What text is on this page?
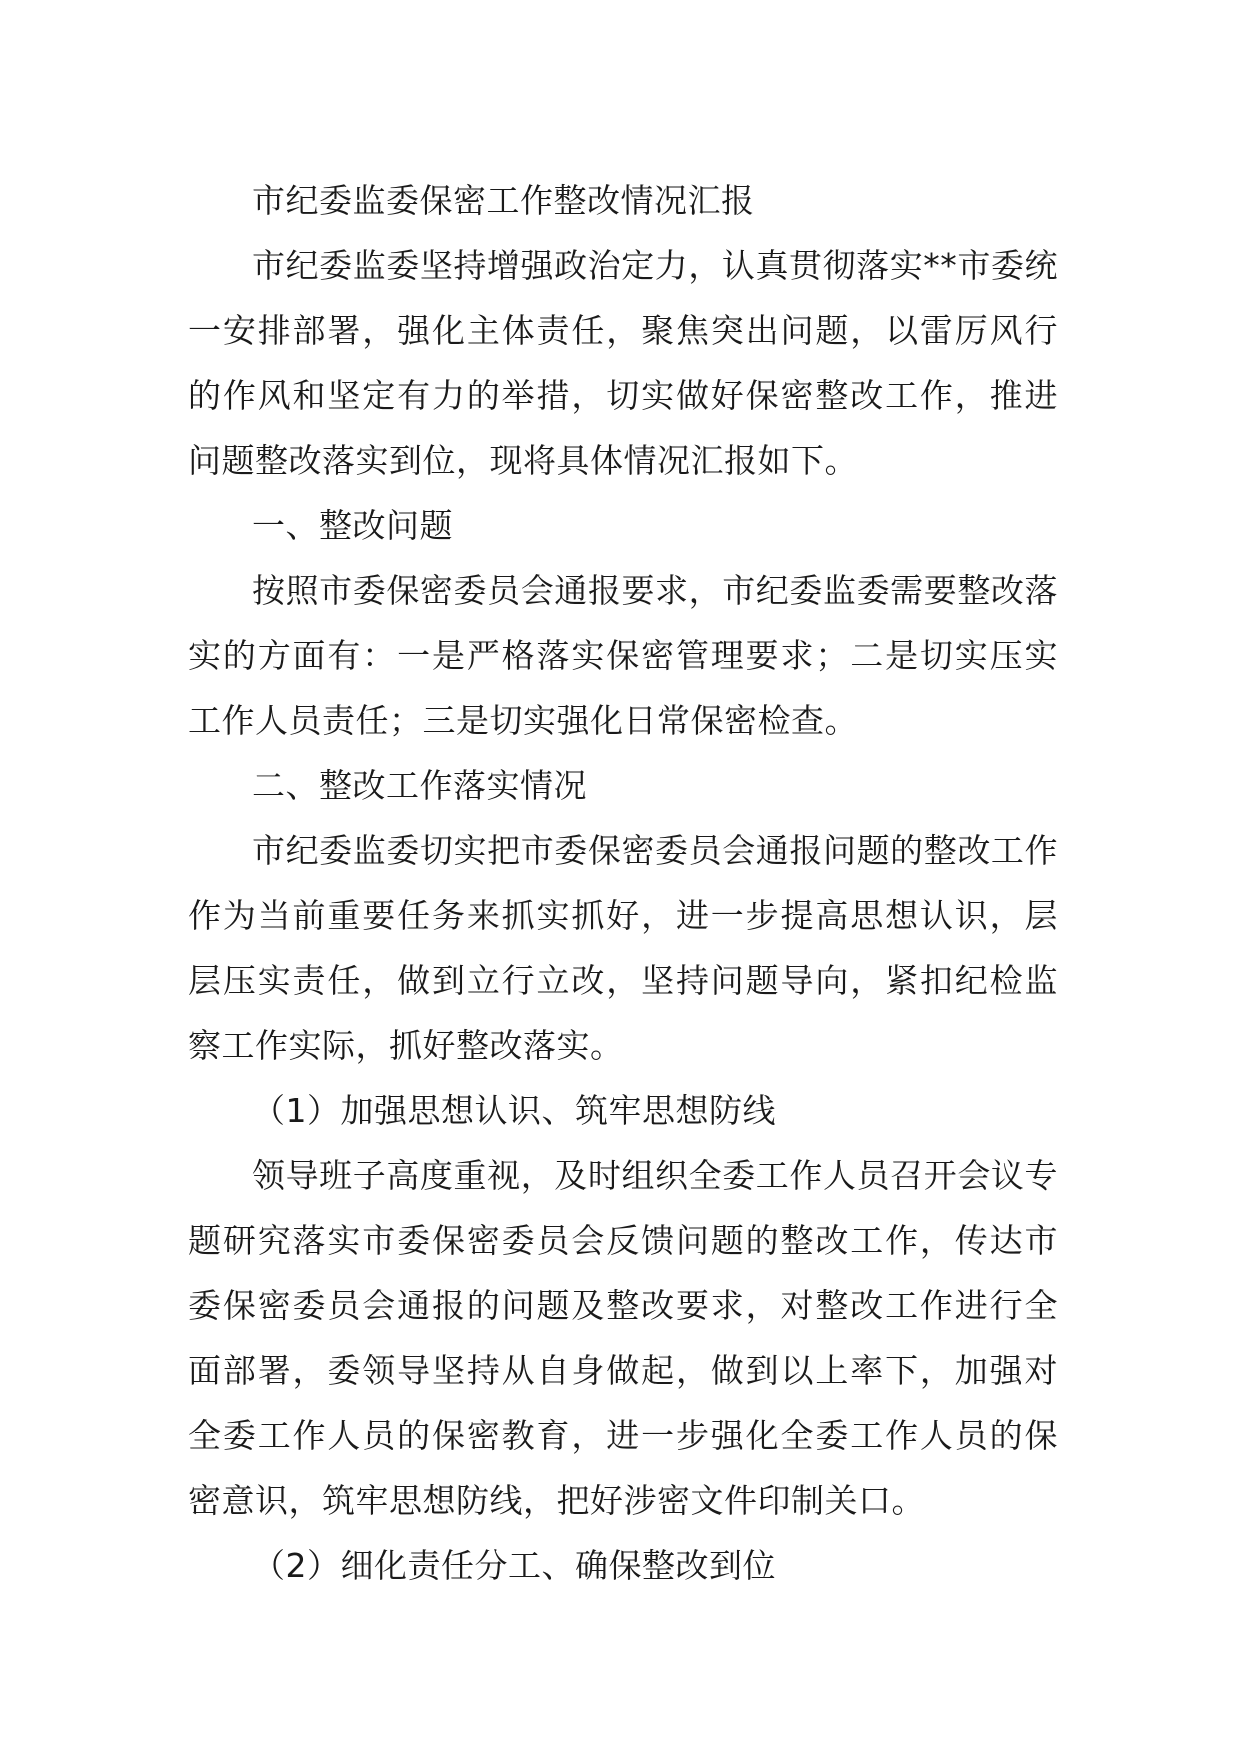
市纪委监委保密工作整改情况汇报

市纪委监委坚持增强政治定力，认真贯彻落实**市委统一安排部署，强化主体责任，聚焦突出问题，以雷厉风行的作风和坚定有力的举措，切实做好保密整改工作，推进问题整改落实到位，现将具体情况汇报如下。

一、整改问题

按照市委保密委员会通报要求，市纪委监委需要整改落实的方面有：一是严格落实保密管理要求；二是切实压实工作人员责任；三是切实强化日常保密检查。

二、整改工作落实情况

市纪委监委切实把市委保密委员会通报问题的整改工作作为当前重要任务来抓实抓好，进一步提高思想认识，层层压实责任，做到立行立改，坚持问题导向，紧扣纪检监察工作实际，抓好整改落实。

（1）加强思想认识、筑牢思想防线

领导班子高度重视，及时组织全委工作人员召开会议专题研究落实市委保密委员会反馈问题的整改工作，传达市委保密委员会通报的问题及整改要求，对整改工作进行全面部署，委领导坚持从自身做起，做到以上率下，加强对全委工作人员的保密教育，进一步强化全委工作人员的保密意识，筑牢思想防线，把好涉密文件印制关口。

（2）细化责任分工、确保整改到位
